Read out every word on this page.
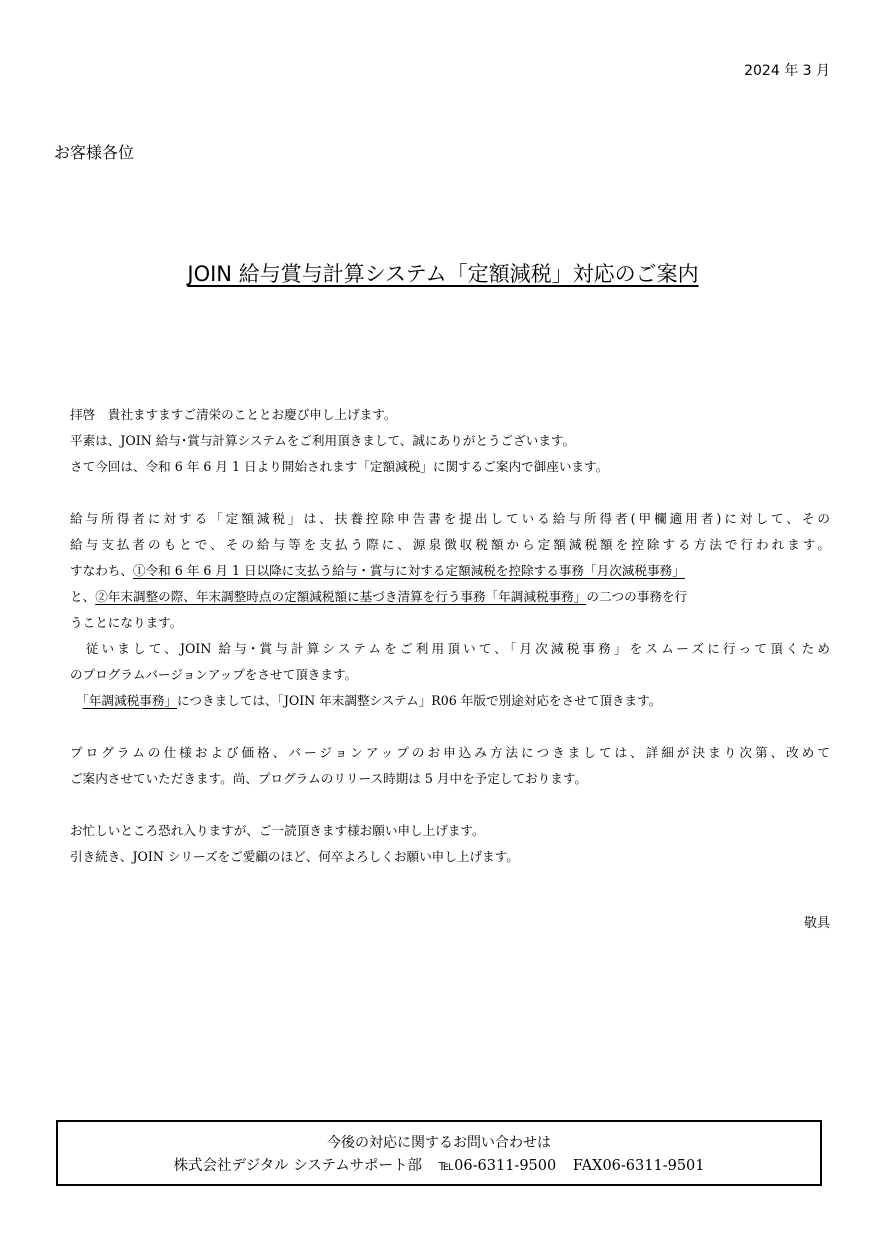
2024 年 3 月
お客様各位
JOIN 給与賞与計算システム「定額減税」対応のご案内

拝啓　貴社ますますご清栄のこととお慶び申し上げます。

平素は、JOIN 給与･賞与計算システムをご利用頂きまして、誠にありがとうございます。

さて今回は、令和 6 年 6 月 1 日より開始されます「定額減税」に関するご案内で御座います。

給与所得者に対する「定額減税」は、扶養控除申告書を提出している給与所得者(甲欄適用者)に対して、その

給与支払者のもとで、その給与等を支払う際に、源泉徴収税額から定額減税額を控除する方法で行われます。

すなわち、①令和 6 年 6 月 1 日以降に支払う給与・賞与に対する定額減税を控除する事務「月次減税事務」

と、②年末調整の際、年末調整時点の定額減税額に基づき清算を行う事務「年調減税事務」の二つの事務を行

うことになります。

　従いまして、JOIN 給与･賞与計算システムをご利用頂いて、「月次減税事務」をスムーズに行って頂くため

のプログラムバージョンアップをさせて頂きます。

　「年調減税事務」につきましては、「JOIN 年末調整システム」R06 年版で別途対応をさせて頂きます。

プログラムの仕様および価格、バージョンアップのお申込み方法につきましては、詳細が決まり次第、改めて

ご案内させていただきます。尚、プログラムのリリース時期は 5 月中を予定しております。

お忙しいところ恐れ入りますが、ご一読頂きます様お願い申し上げます。

引き続き、JOIN シリーズをご愛顧のほど、何卒よろしくお願い申し上げます。

敬具
今後の対応に関するお問い合わせは
株式会社デジタル システムサポート部 ℡06-6311-9500 FAX06-6311-9501
